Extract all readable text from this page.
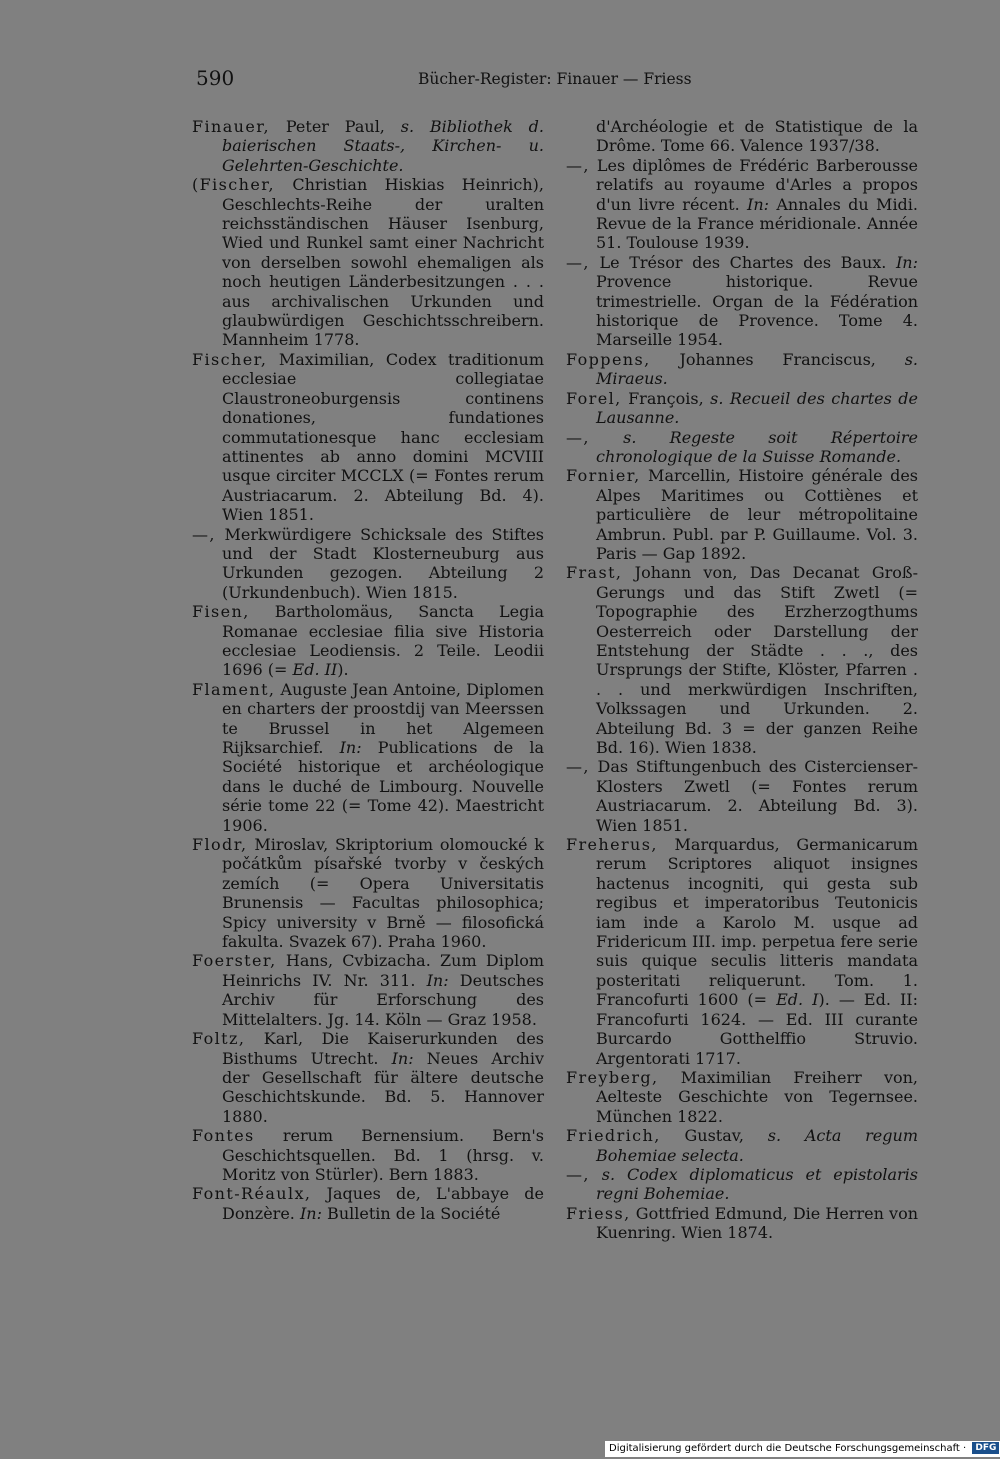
590	Bücher-Register: Finauer — Friess

Finauer, Peter Paul, s. Bibliothek d. baierischen Staats-, Kirchen- u. Gelehrten-Geschichte.

(Fischer, Christian Hiskias Heinrich), Geschlechts-Reihe der uralten reichsständischen Häuser Isenburg, Wied und Runkel samt einer Nachricht von derselben sowohl ehemaligen als noch heutigen Länderbesitzungen . . . aus archivalischen Urkunden und glaubwürdigen Geschichtsschreibern. Mannheim 1778.

Fischer, Maximilian, Codex traditionum ecclesiae collegiatae Claustroneoburgensis continens donationes, fundationes commutationesque hanc ecclesiam attinentes ab anno domini MCVIII usque circiter MCCLX (= Fontes rerum Austriacarum. 2. Abteilung Bd. 4). Wien 1851.

—, Merkwürdigere Schicksale des Stiftes und der Stadt Klosterneuburg aus Urkunden gezogen. Abteilung 2 (Urkundenbuch). Wien 1815.

Fisen, Bartholomäus, Sancta Legia Romanae ecclesiae filia sive Historia ecclesiae Leodiensis. 2 Teile. Leodii 1696 (= Ed. II).

Flament, Auguste Jean Antoine, Diplomen en charters der proostdij van Meerssen te Brussel in het Algemeen Rijksarchief. In: Publications de la Société historique et archéologique dans le duché de Limbourg. Nouvelle série tome 22 (= Tome 42). Maestricht 1906.

Flodr, Miroslav, Skriptorium olomoucké k počátkům písařské tvorby v českých zemích (= Opera Universitatis Brunensis — Facultas philosophica; Spicy university v Brně — filosofická fakulta. Svazek 67). Praha 1960.

Foerster, Hans, Cvbizacha. Zum Diplom Heinrichs IV. Nr. 311. In: Deutsches Archiv für Erforschung des Mittelalters. Jg. 14. Köln — Graz 1958.

Foltz, Karl, Die Kaiserurkunden des Bisthums Utrecht. In: Neues Archiv der Gesellschaft für ältere deutsche Geschichtskunde. Bd. 5. Hannover 1880.

Fontes rerum Bernensium. Bern's Geschichtsquellen. Bd. 1 (hrsg. v. Moritz von Stürler). Bern 1883.

Font-Réaulx, Jaques de, L'abbaye de Donzère. In: Bulletin de la Société

d'Archéologie et de Statistique de la Drôme. Tome 66. Valence 1937/38.

—, Les diplômes de Frédéric Barberousse relatifs au royaume d'Arles a propos d'un livre récent. In: Annales du Midi. Revue de la France méridionale. Année 51. Toulouse 1939.

—, Le Trésor des Chartes des Baux. In: Provence historique. Revue trimestrielle. Organ de la Fédération historique de Provence. Tome 4. Marseille 1954.

Foppens, Johannes Franciscus, s. Miraeus.

Forel, François, s. Recueil des chartes de Lausanne.

—, s. Regeste soit Répertoire chronologique de la Suisse Romande.

Fornier, Marcellin, Histoire générale des Alpes Maritimes ou Cottiènes et particulière de leur métropolitaine Ambrun. Publ. par P. Guillaume. Vol. 3. Paris — Gap 1892.

Frast, Johann von, Das Decanat Groß-Gerungs und das Stift Zwetl (= Topographie des Erzherzogthums Oesterreich oder Darstellung der Entstehung der Städte . . ., des Ursprungs der Stifte, Klöster, Pfarren . . . und merkwürdigen Inschriften, Volkssagen und Urkunden. 2. Abteilung Bd. 3 = der ganzen Reihe Bd. 16). Wien 1838.

—, Das Stiftungenbuch des Cistercienser-Klosters Zwetl (= Fontes rerum Austriacarum. 2. Abteilung Bd. 3). Wien 1851.

Freherus, Marquardus, Germanicarum rerum Scriptores aliquot insignes hactenus incogniti, qui gesta sub regibus et imperatoribus Teutonicis iam inde a Karolo M. usque ad Fridericum III. imp. perpetua fere serie suis quique seculis litteris mandata posteritati reliquerunt. Tom. 1. Francofurti 1600 (= Ed. I). — Ed. II: Francofurti 1624. — Ed. III curante Burcardo Gotthelffio Struvio. Argentorati 1717.

Freyberg, Maximilian Freiherr von, Aelteste Geschichte von Tegernsee. München 1822.

Friedrich, Gustav, s. Acta regum Bohemiae selecta.

—, s. Codex diplomaticus et epistolaris regni Bohemiae.

Friess, Gottfried Edmund, Die Herren von Kuenring. Wien 1874.

Digitalisierung gefördert durch die Deutsche Forschungsgemeinschaft · DFG
